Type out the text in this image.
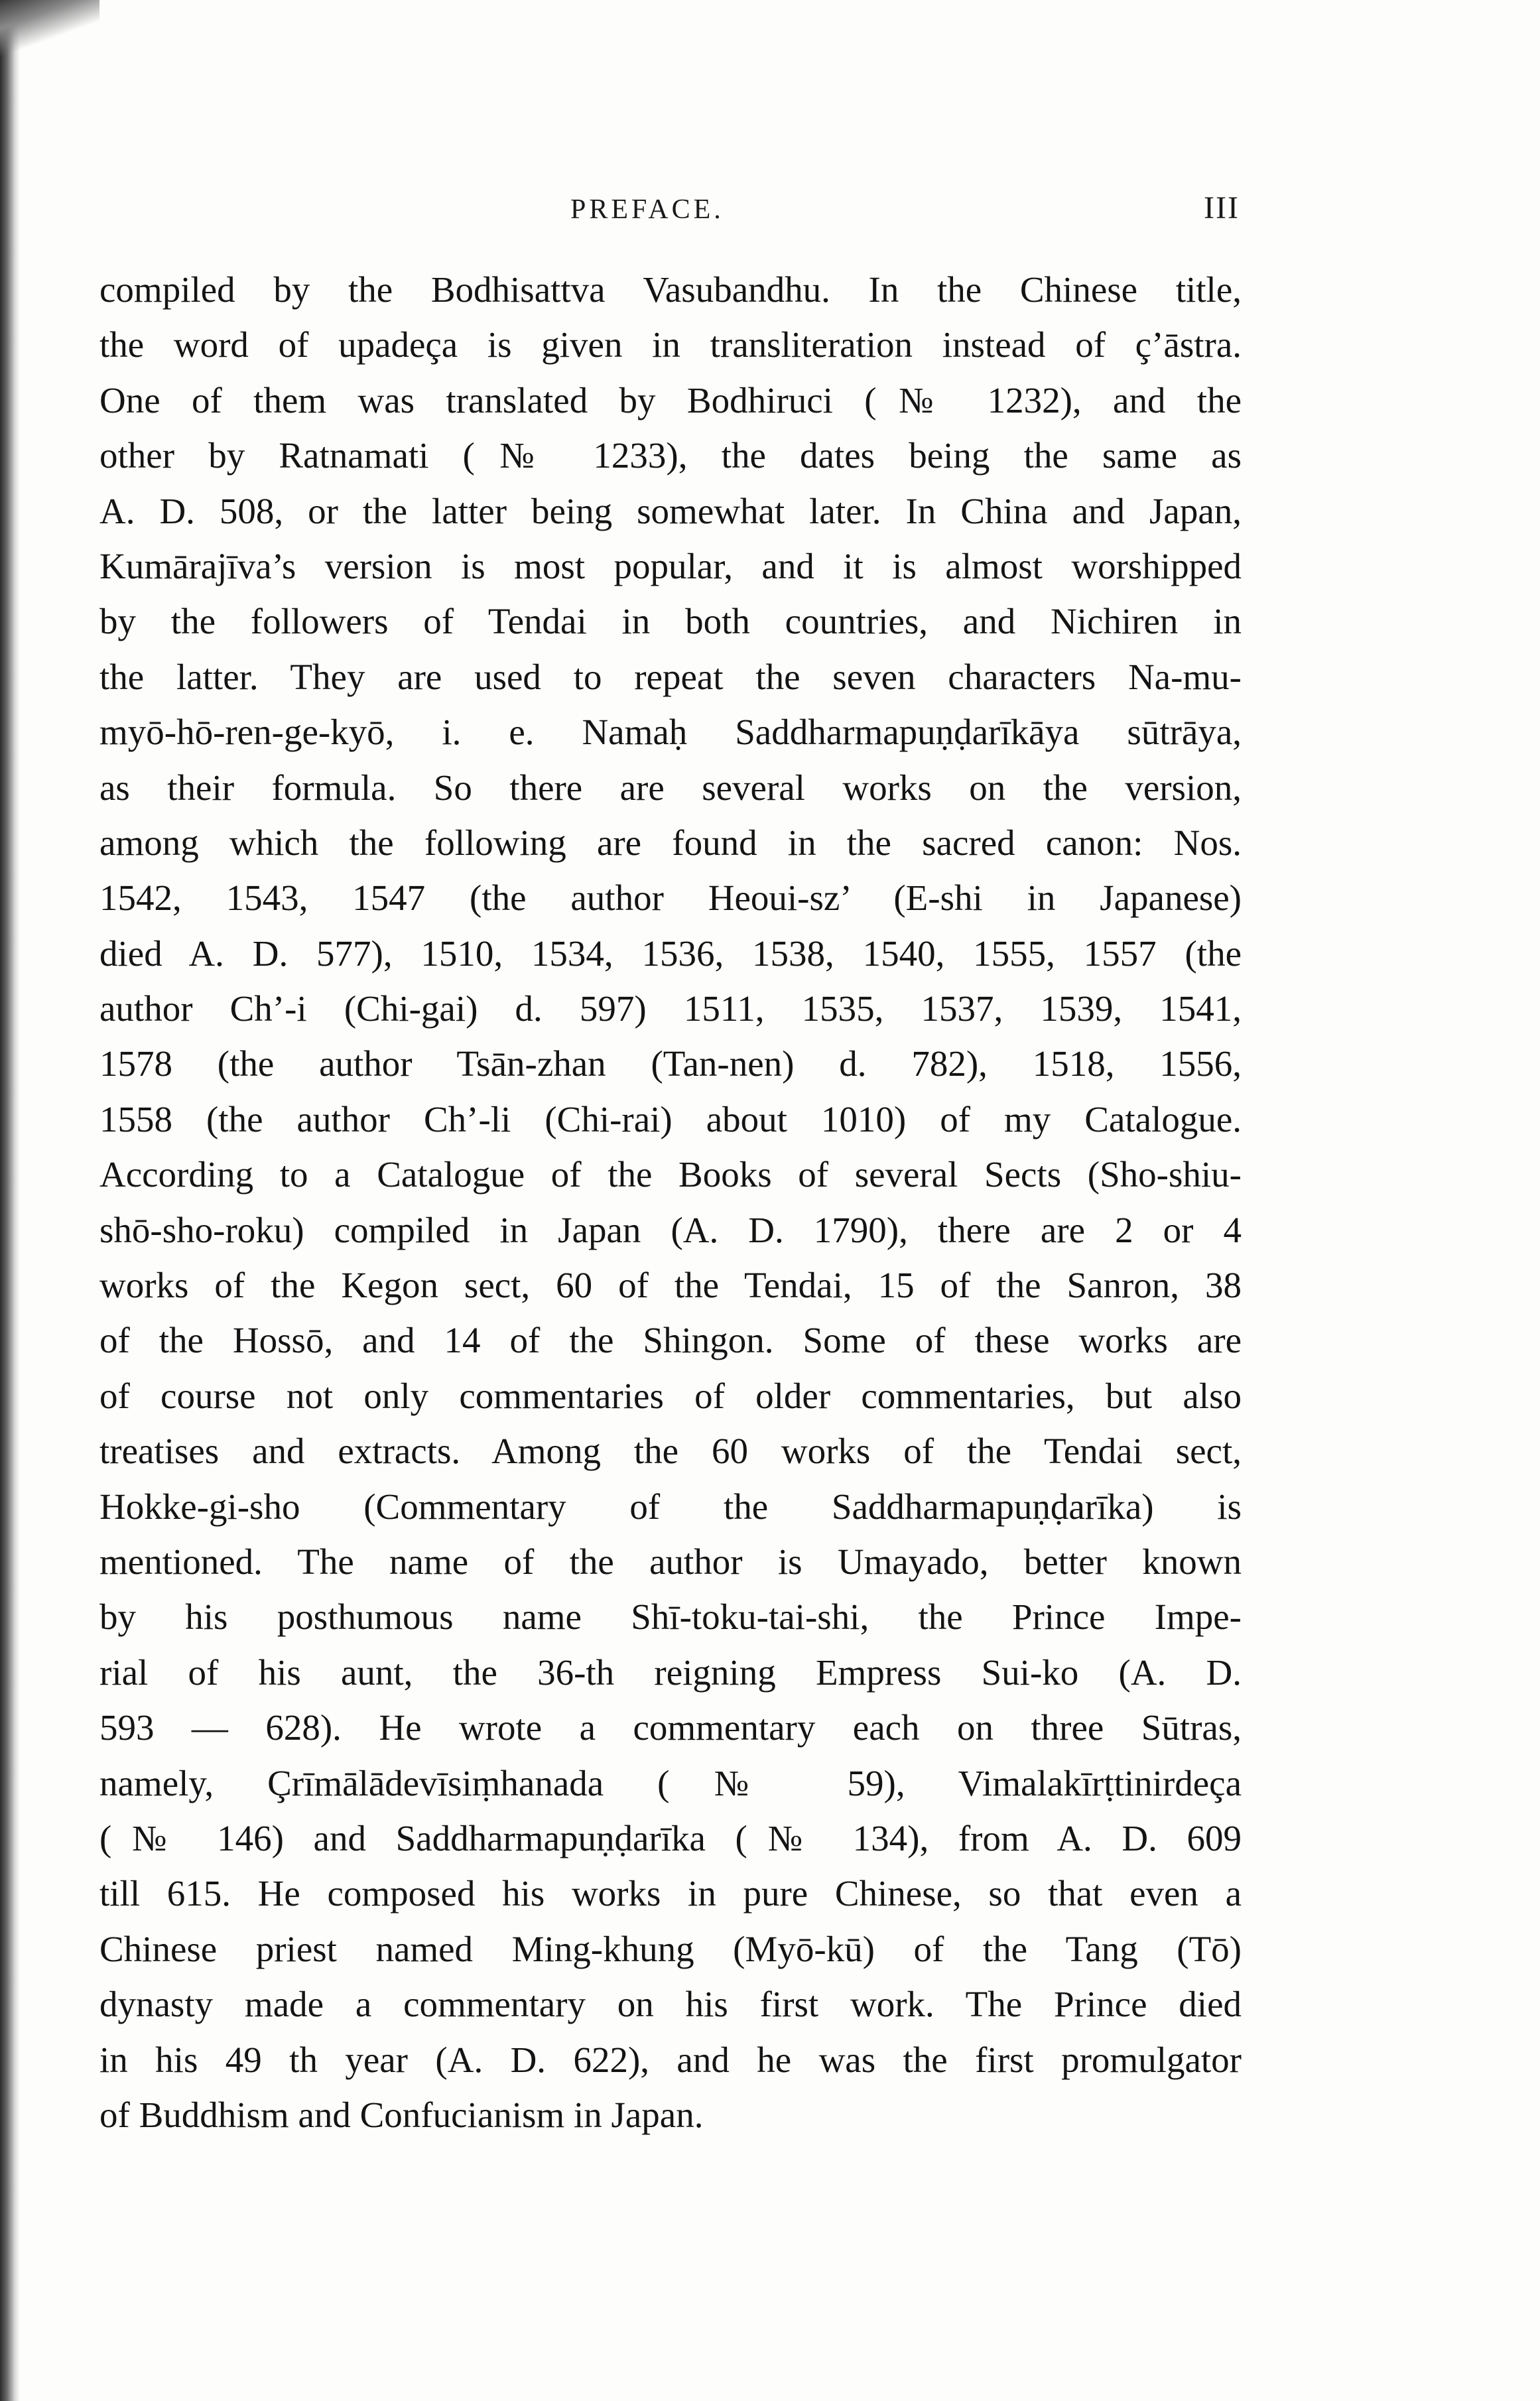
PREFACE.	III
compiled by the Bodhisattva Vasubandhu. In the Chinese title,
the word of upadeça is given in transliteration instead of ç’āstra.
One of them was translated by Bodhiruci (№ 1232), and the
other by Ratnamati (№ 1233), the dates being the same as
A. D. 508, or the latter being somewhat later. In China and Japan,
Kumārajīva’s version is most popular, and it is almost worshipped
by the followers of Tendai in both countries, and Nichiren in
the latter. They are used to repeat the seven characters Na-mu-
myō-hō-ren-ge-kyō, i. e. Namaḥ Saddharmapuṇḍarīkāya sūtrāya,
as their formula. So there are several works on the version,
among which the following are found in the sacred canon: Nos.
1542, 1543, 1547 (the author Heoui-sz’ (E-shi in Japanese)
died A. D. 577), 1510, 1534, 1536, 1538, 1540, 1555, 1557 (the
author Ch’-i (Chi-gai) d. 597) 1511, 1535, 1537, 1539, 1541,
1578 (the author Tsān-zhan (Tan-nen) d. 782), 1518, 1556,
1558 (the author Ch’-li (Chi-rai) about 1010) of my Catalogue.
According to a Catalogue of the Books of several Sects (Sho-shiu-
shō-sho-roku) compiled in Japan (A. D. 1790), there are 2 or 4
works of the Kegon sect, 60 of the Tendai, 15 of the Sanron, 38
of the Hossō, and 14 of the Shingon. Some of these works are
of course not only commentaries of older commentaries, but also
treatises and extracts. Among the 60 works of the Tendai sect,
Hokke-gi-sho (Commentary of the Saddharmapuṇḍarīka) is
mentioned. The name of the author is Umayado, better known
by his posthumous name Shī-toku-tai-shi, the Prince Impe-
rial of his aunt, the 36-th reigning Empress Sui-ko (A. D.
593 — 628). He wrote a commentary each on three Sūtras,
namely, Çrīmālādevīsiṃhanada (№ 59), Vimalakīrṭtinirdeça
(№ 146) and Saddharmapuṇḍarīka (№ 134), from A. D. 609
till 615. He composed his works in pure Chinese, so that even a
Chinese priest named Ming-khung (Myō-kū) of the Tang (Tō)
dynasty made a commentary on his first work. The Prince died
in his 49 th year (A. D. 622), and he was the first promulgator
of Buddhism and Confucianism in Japan.
